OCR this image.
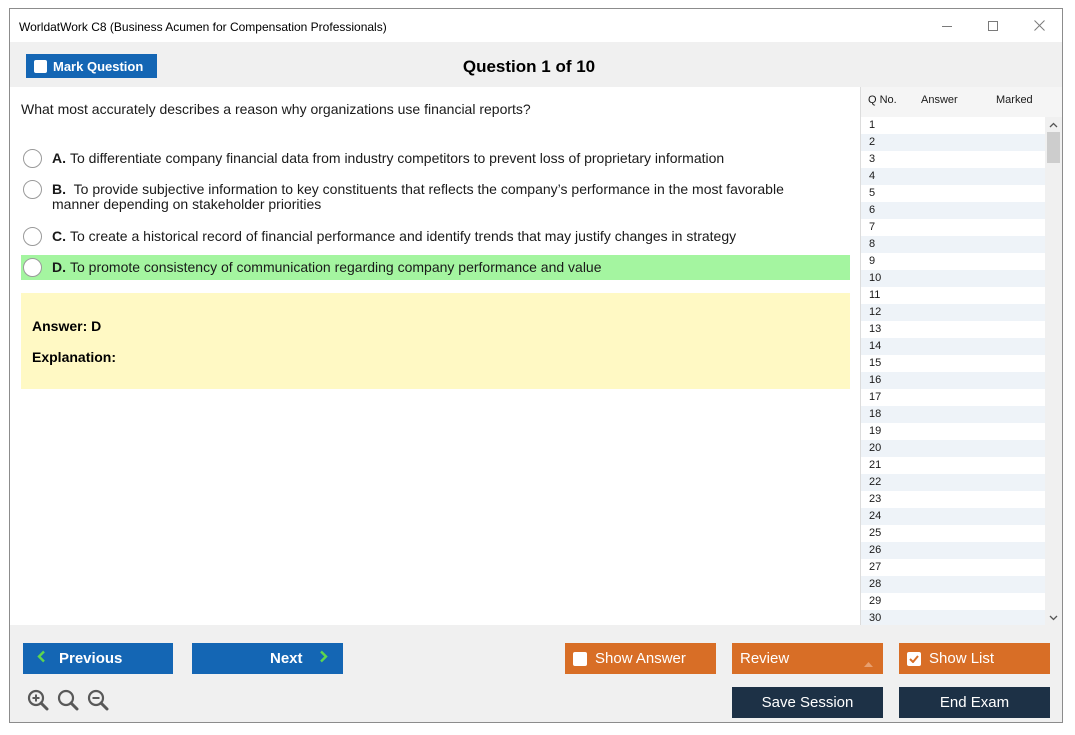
WorldatWork C8 (Business Acumen for Compensation Professionals)
Mark Question	Question 1 of 10
What most accurately describes a reason why organizations use financial reports?
A. To differentiate company financial data from industry competitors to prevent loss of proprietary information
B. To provide subjective information to key constituents that reflects the company’s performance in the most favorable
manner depending on stakeholder priorities
C. To create a historical record of financial performance and identify trends that may justify changes in strategy
D. To promote consistency of communication regarding company performance and value
Answer: D
Explanation:
Q No. Answer	Marked
1
2
3
4
5
6
7
8
9
10
11
12
13
14
15
16
17
18
19
20
21
22
23
24
25
26
27
28
29
30
Previous	Next	Show Answer	Review	Show List
Save Session	End Exam
